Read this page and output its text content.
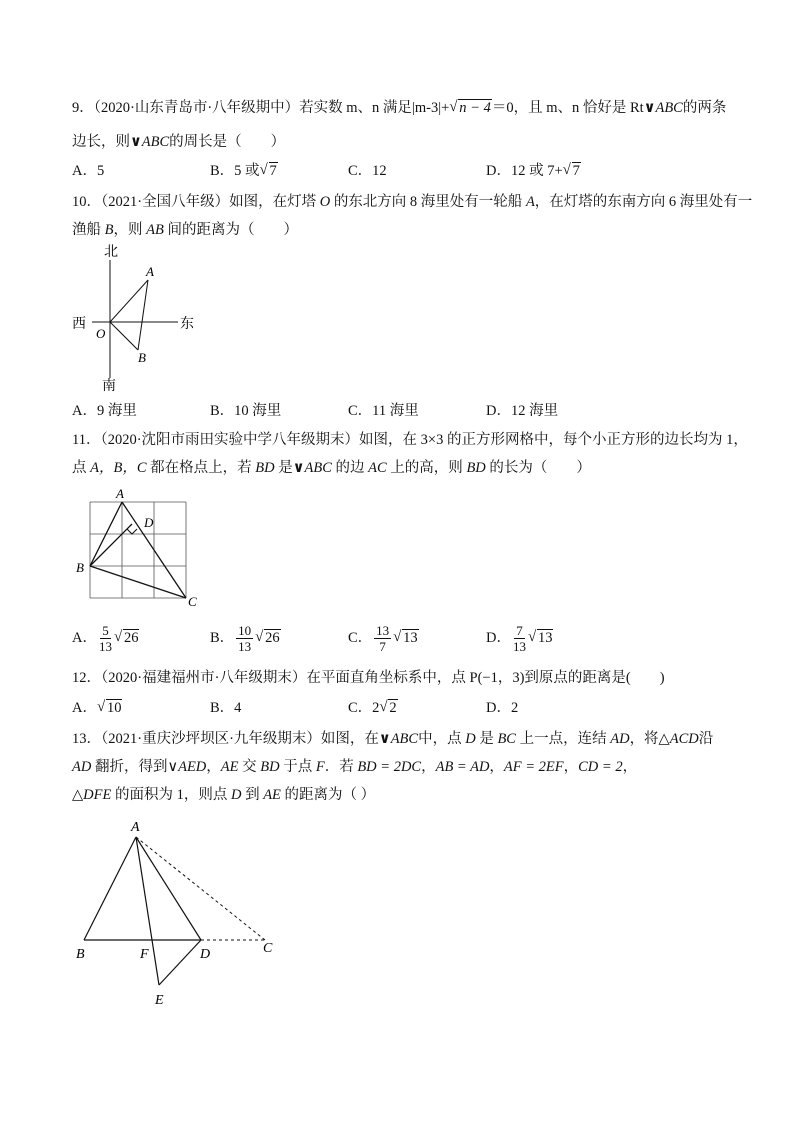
9．（2020·山东青岛市·八年级期中）若实数 m、n 满足|m-3|+ √ n − 4＝0，且 m、n 恰好是 Rt∨ABC的两条
边长，则∨ABC的周长是（　　）
A．5	B．5 或 √ 7	C．12	D．12 或 7+ √ 7
10．（2021·全国八年级）如图，在灯塔 O 的东北方向 8 海里处有一轮船 A，在灯塔的东南方向 6 海里处有一
渔船 B，则 AB 间的距离为（　　）
北
南
西	东
O
A
B
A．9 海里	B．10 海里	C．11 海里	D．12 海里
11．（2020·沈阳市雨田实验中学八年级期末）如图，在 3×3 的正方形网格中，每个小正方形的边长均为 1，
点 A，B，C 都在格点上，若 BD 是∨ABC 的边 AC 上的高，则 BD 的长为（　　）
A
B
C
D
A． $\frac{5}{13}$ √ 26	B． $\frac{10}{13}$ √ 26	C． $\frac{13}{7}$ √ 13	D． $\frac{7}{13}$ √ 13
12．（2020·福建福州市·八年级期末）在平面直角坐标系中，点 P(−1，3)到原点的距离是(　　)
A． √ 10	B．4	C．2 √ 2	D．2
13．（2021·重庆沙坪坝区·九年级期末）如图，在∨ABC中，点 D 是 BC 上一点，连结 AD，将△ACD沿
AD 翻折，得到∨AED，AE 交 BD 于点 F．若 BD = 2DC，AB = AD，AF = 2EF，CD = 2，
△DFE 的面积为 1，则点 D 到 AE 的距离为（ ）
A
B	F	D	C
E
